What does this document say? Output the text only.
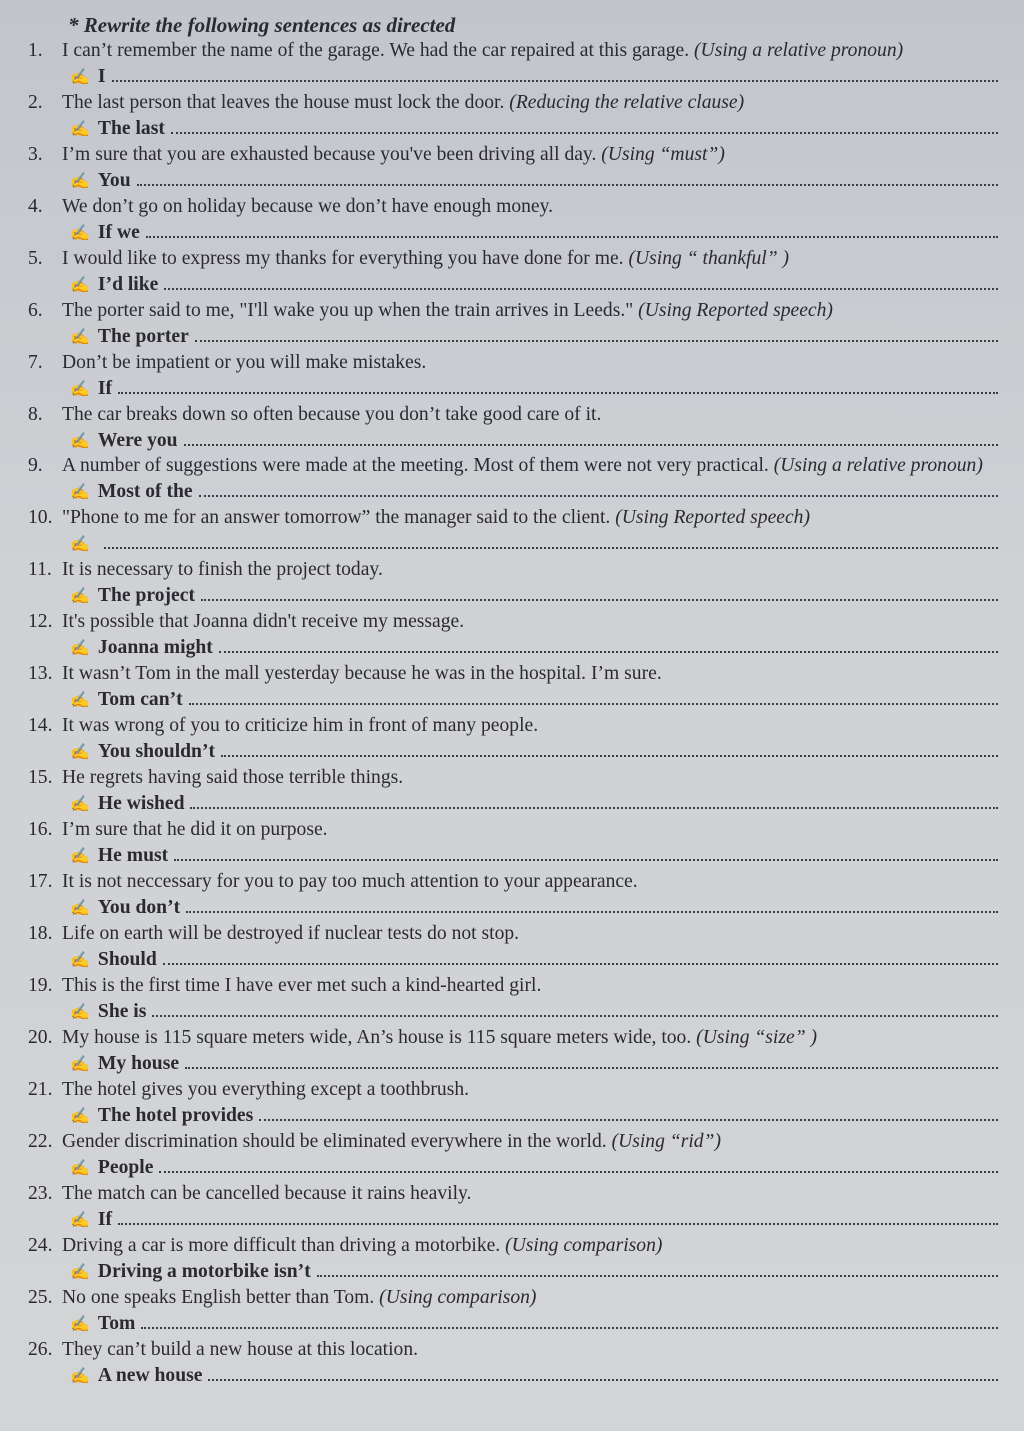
* Rewrite the following sentences as directed
1. I can’t remember the name of the garage. We had the car repaired at this garage. (Using a relative pronoun)
✍ I
2. The last person that leaves the house must lock the door. (Reducing the relative clause)
✍ The last
3. I’m sure that you are exhausted because you've been driving all day. (Using “must”)
✍ You
4. We don’t go on holiday because we don’t have enough money.
✍ If we
5. I would like to express my thanks for everything you have done for me. (Using “ thankful” )
✍ I’d like
6. The porter said to me, "I'll wake you up when the train arrives in Leeds." (Using Reported speech)
✍ The porter
7. Don’t be impatient or you will make mistakes.
✍ If
8. The car breaks down so often because you don’t take good care of it.
✍ Were you
9. A number of suggestions were made at the meeting. Most of them were not very practical. (Using a relative pronoun)
✍ Most of the
10. "Phone to me for an answer tomorrow” the manager said to the client. (Using Reported speech)
✍
11. It is necessary to finish the project today.
✍ The project
12. It's possible that Joanna didn't receive my message.
✍ Joanna might
13. It wasn’t Tom in the mall yesterday because he was in the hospital. I’m sure.
✍ Tom can’t
14. It was wrong of you to criticize him in front of many people.
✍ You shouldn’t
15. He regrets having said those terrible things.
✍ He wished
16. I’m sure that he did it on purpose.
✍ He must
17. It is not neccessary for you to pay too much attention to your appearance.
✍ You don’t
18. Life on earth will be destroyed if nuclear tests do not stop.
✍ Should
19. This is the first time I have ever met such a kind-hearted girl.
✍ She is
20. My house is 115 square meters wide, An’s house is 115 square meters wide, too. (Using “size” )
✍ My house
21. The hotel gives you everything except a toothbrush.
✍ The hotel provides
22. Gender discrimination should be eliminated everywhere in the world. (Using “rid”)
✍ People
23. The match can be cancelled because it rains heavily.
✍ If
24. Driving a car is more difficult than driving a motorbike. (Using comparison)
✍ Driving a motorbike isn’t
25. No one speaks English better than Tom. (Using comparison)
✍ Tom
26. They can’t build a new house at this location.
✍ A new house
